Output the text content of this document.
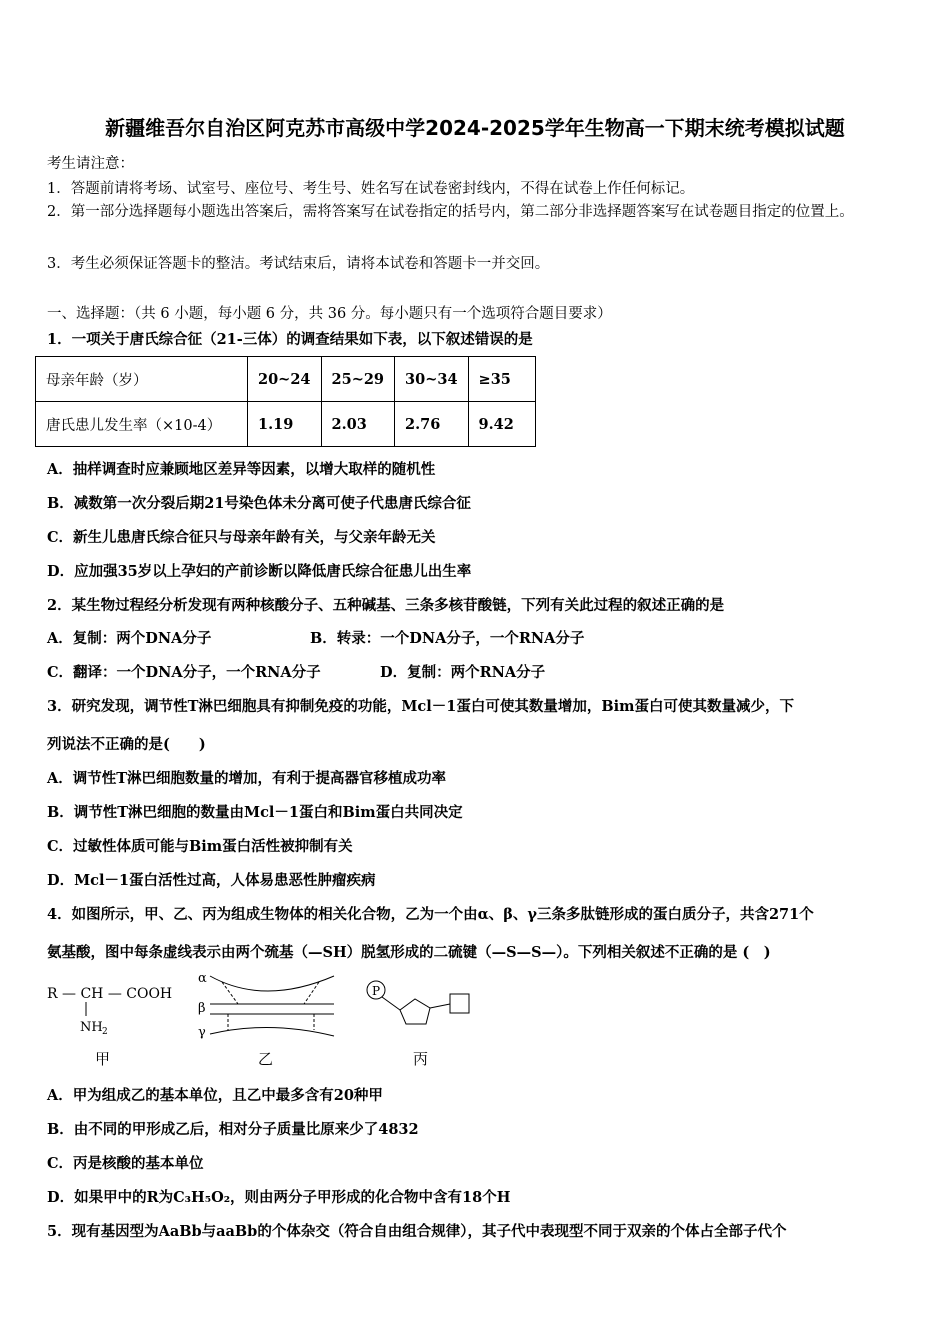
新疆维吾尔自治区阿克苏市高级中学2024-2025学年生物高一下期末统考模拟试题
考生请注意：
1．答题前请将考场、试室号、座位号、考生号、姓名写在试卷密封线内，不得在试卷上作任何标记。
2．第一部分选择题每小题选出答案后，需将答案写在试卷指定的括号内，第二部分非选择题答案写在试卷题目指定的位置上。
3．考生必须保证答题卡的整洁。考试结束后，请将本试卷和答题卡一并交回。
一、选择题：（共 6 小题，每小题 6 分，共 36 分。每小题只有一个选项符合题目要求）
1．一项关于唐氏综合征（21-三体）的调查结果如下表，以下叙述错误的是
母亲年龄（岁）	20~24	25~29	30~34	≥35
唐氏患儿发生率（×10-4）	1.19	2.03	2.76	9.42
A．抽样调查时应兼顾地区差异等因素，以增大取样的随机性
B．减数第一次分裂后期21号染色体未分离可使子代患唐氏综合征
C．新生儿患唐氏综合征只与母亲年龄有关，与父亲年龄无关
D．应加强35岁以上孕妇的产前诊断以降低唐氏综合征患儿出生率
2．某生物过程经分析发现有两种核酸分子、五种碱基、三条多核苷酸链，下列有关此过程的叙述正确的是
A．复制：两个DNA分子	B．转录：一个DNA分子，一个RNA分子
C．翻译：一个DNA分子，一个RNA分子	D．复制：两个RNA分子
3．研究发现，调节性T淋巴细胞具有抑制免疫的功能，Mcl－1蛋白可使其数量增加，Bim蛋白可使其数量减少，下
列说法不正确的是(　　)
A．调节性T淋巴细胞数量的增加，有利于提高器官移植成功率
B．调节性T淋巴细胞的数量由Mcl－1蛋白和Bim蛋白共同决定
C．过敏性体质可能与Bim蛋白活性被抑制有关
D．Mcl－1蛋白活性过高，人体易患恶性肿瘤疾病
4．如图所示，甲、乙、丙为组成生物体的相关化合物，乙为一个由α、β、γ三条多肽链形成的蛋白质分子，共含271个
氨基酸，图中每条虚线表示由两个巯基（—SH）脱氢形成的二硫键（—S—S—）。下列相关叙述不正确的是 (　)
R — CH — COOH
NH 2
α
β
γ
P
甲	乙	丙
A．甲为组成乙的基本单位，且乙中最多含有20种甲
B．由不同的甲形成乙后，相对分子质量比原来少了4832
C．丙是核酸的基本单位
D．如果甲中的R为C₃H₅O₂，则由两分子甲形成的化合物中含有18个H
5．现有基因型为AaBb与aaBb的个体杂交（符合自由组合规律），其子代中表现型不同于双亲的个体占全部子代个
